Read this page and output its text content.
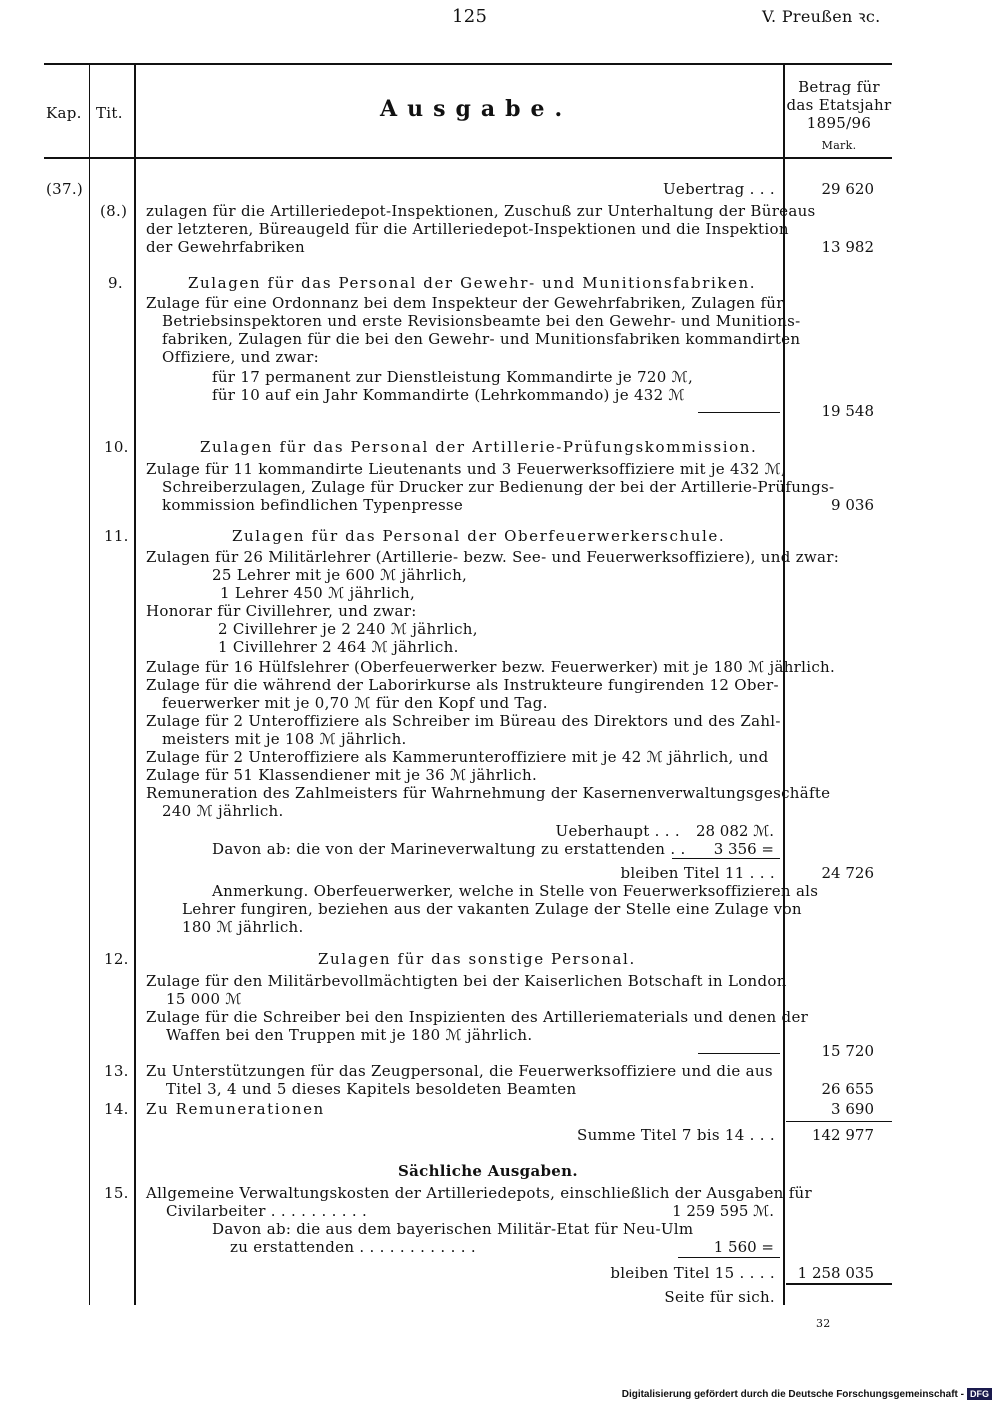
125	V. Preußen ꝛc.
Kap. Tit.	Ausgabe.
Betrag für
das Etatsjahr
1895/96
Mark.
(37.)	Uebertrag . . .	29 620
(8.) zulagen für die Artilleriedepot-Inspektionen, Zuschuß zur Unterhaltung der Büreaus
der letzteren, Büreaugeld für die Artilleriedepot-Inspektionen und die Inspektion
der Gewehrfabriken	13 982
9.	Zulagen für das Personal der Gewehr- und Munitionsfabriken.
Zulage für eine Ordonnanz bei dem Inspekteur der Gewehrfabriken, Zulagen für
Betriebsinspektoren und erste Revisionsbeamte bei den Gewehr- und Munitions-
fabriken, Zulagen für die bei den Gewehr- und Munitionsfabriken kommandirten
Offiziere, und zwar:
für 17 permanent zur Dienstleistung Kommandirte je 720 ℳ,
für 10 auf ein Jahr Kommandirte (Lehrkommando) je 432 ℳ
19 548
10.	Zulagen für das Personal der Artillerie-Prüfungskommission.
Zulage für 11 kommandirte Lieutenants und 3 Feuerwerksoffiziere mit je 432 ℳ,
Schreiberzulagen, Zulage für Drucker zur Bedienung der bei der Artillerie-Prüfungs-
kommission befindlichen Typenpresse	9 036
11.	Zulagen für das Personal der Oberfeuerwerkerschule.
Zulagen für 26 Militärlehrer (Artillerie- bezw. See- und Feuerwerksoffiziere), und zwar:
25 Lehrer mit je 600 ℳ jährlich,
1 Lehrer 450 ℳ jährlich,
Honorar für Civillehrer, und zwar:
2 Civillehrer je 2 240 ℳ jährlich,
1 Civillehrer 2 464 ℳ jährlich.
Zulage für 16 Hülfslehrer (Oberfeuerwerker bezw. Feuerwerker) mit je 180 ℳ jährlich.
Zulage für die während der Laborirkurse als Instrukteure fungirenden 12 Ober-
feuerwerker mit je 0,70 ℳ für den Kopf und Tag.
Zulage für 2 Unteroffiziere als Schreiber im Büreau des Direktors und des Zahl-
meisters mit je 108 ℳ jährlich.
Zulage für 2 Unteroffiziere als Kammerunteroffiziere mit je 42 ℳ jährlich, und
Zulage für 51 Klassendiener mit je 36 ℳ jährlich.
Remuneration des Zahlmeisters für Wahrnehmung der Kasernenverwaltungsgeschäfte
240 ℳ jährlich.
Ueberhaupt . . .	28 082 ℳ.
Davon ab: die von der Marineverwaltung zu erstattenden . .	3 356 =
bleiben Titel 11 . . .	24 726
Anmerkung. Oberfeuerwerker, welche in Stelle von Feuerwerksoffizieren als
Lehrer fungiren, beziehen aus der vakanten Zulage der Stelle eine Zulage von
180 ℳ jährlich.
12.	Zulagen für das sonstige Personal.
Zulage für den Militärbevollmächtigten bei der Kaiserlichen Botschaft in London
15 000 ℳ
Zulage für die Schreiber bei den Inspizienten des Artilleriematerials und denen der
Waffen bei den Truppen mit je 180 ℳ jährlich.
15 720
13. Zu Unterstützungen für das Zeugpersonal, die Feuerwerksoffiziere und die aus
Titel 3, 4 und 5 dieses Kapitels besoldeten Beamten	26 655
14. Zu Remunerationen	3 690
Summe Titel 7 bis 14 . . .	142 977
Sächliche Ausgaben.
15. Allgemeine Verwaltungskosten der Artilleriedepots, einschließlich der Ausgaben für
Civilarbeiter . . . . . . . . . .	1 259 595 ℳ.
Davon ab: die aus dem bayerischen Militär-Etat für Neu-Ulm
zu erstattenden . . . . . . . . . . . .	1 560 =
bleiben Titel 15 . . . .	1 258 035
Seite für sich.
32
Digitalisierung gefördert durch die Deutsche Forschungsgemeinschaft - DFG
